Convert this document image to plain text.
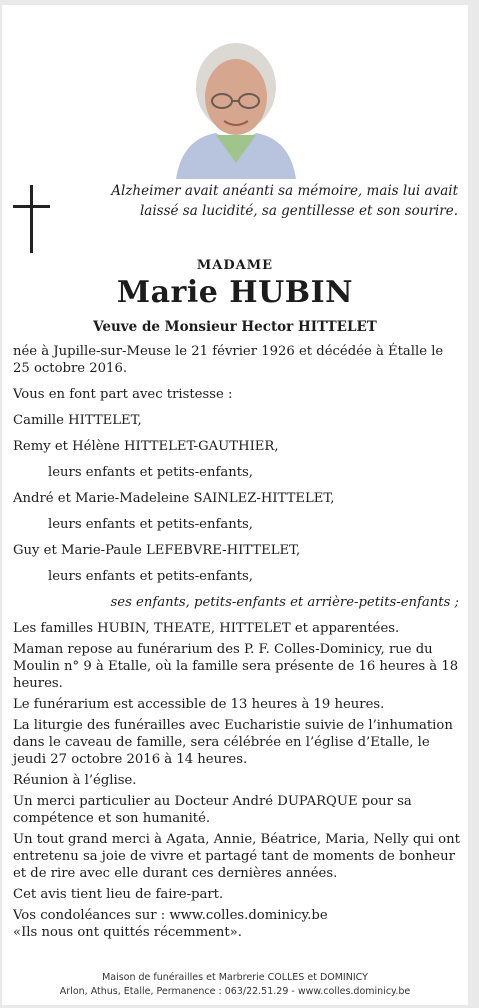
Alzheimer avait anéanti sa mémoire, mais lui avait
laissé sa lucidité, sa gentillesse et son sourire.
MADAME
Marie HUBIN
Veuve de Monsieur Hector HITTELET

née à Jupille-sur-Meuse le 21 février 1926 et décédée à Étalle le 25 octobre 2016.

Vous en font part avec tristesse :

Camille HITTELET,

Remy et Hélène HITTELET-GAUTHIER,

leurs enfants et petits-enfants,

André et Marie-Madeleine SAINLEZ-HITTELET,

leurs enfants et petits-enfants,

Guy et Marie-Paule LEFEBVRE-HITTELET,

leurs enfants et petits-enfants,

ses enfants, petits-enfants et arrière-petits-enfants ;

Les familles HUBIN, THEATE, HITTELET et apparentées.

Maman repose au funérarium des P. F. Colles-Dominicy, rue du Moulin n° 9 à Etalle, où la famille sera présente de 16 heures à 18 heures.

Le funérarium est accessible de 13 heures à 19 heures.

La liturgie des funérailles avec Eucharistie suivie de l’inhumation dans le caveau de famille, sera célébrée en l’église d’Etalle, le jeudi 27 octobre 2016 à 14 heures.

Réunion à l’église.

Un merci particulier au Docteur André DUPARQUE pour sa compétence et son humanité.

Un tout grand merci à Agata, Annie, Béatrice, Maria, Nelly qui ont entretenu sa joie de vivre et partagé tant de moments de bonheur et de rire avec elle durant ces dernières années.

Cet avis tient lieu de faire-part.

Vos condoléances sur : www.colles.dominicy.be

«Ils nous ont quittés récemment».

Maison de funérailles et Marbrerie COLLES et DOMINICY
Arlon, Athus, Etalle, Permanence : 063/22.51.29 - www.colles.dominicy.be
